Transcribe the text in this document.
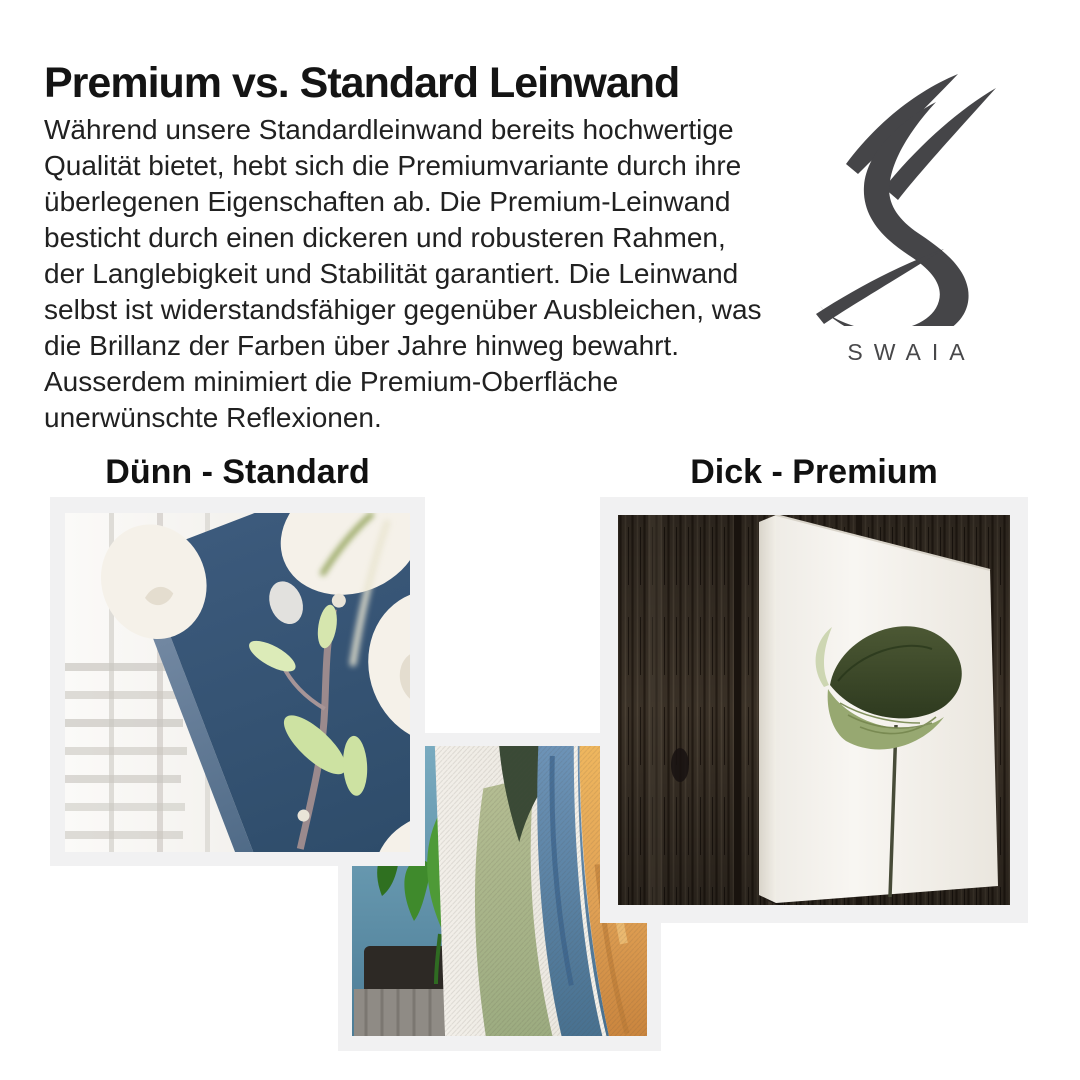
Premium vs. Standard Leinwand
Während unsere Standardleinwand bereits hochwertige
Qualität bietet, hebt sich die Premiumvariante durch ihre
überlegenen Eigenschaften ab. Die Premium-Leinwand
besticht durch einen dickeren und robusteren Rahmen,
der Langlebigkeit und Stabilität garantiert. Die Leinwand
selbst ist widerstandsfähiger gegenüber Ausbleichen, was
die Brillanz der Farben über Jahre hinweg bewahrt.
Ausserdem minimiert die Premium-Oberfläche
unerwünschte Reflexionen.
SWAIA
Dünn - Standard	Dick - Premium
